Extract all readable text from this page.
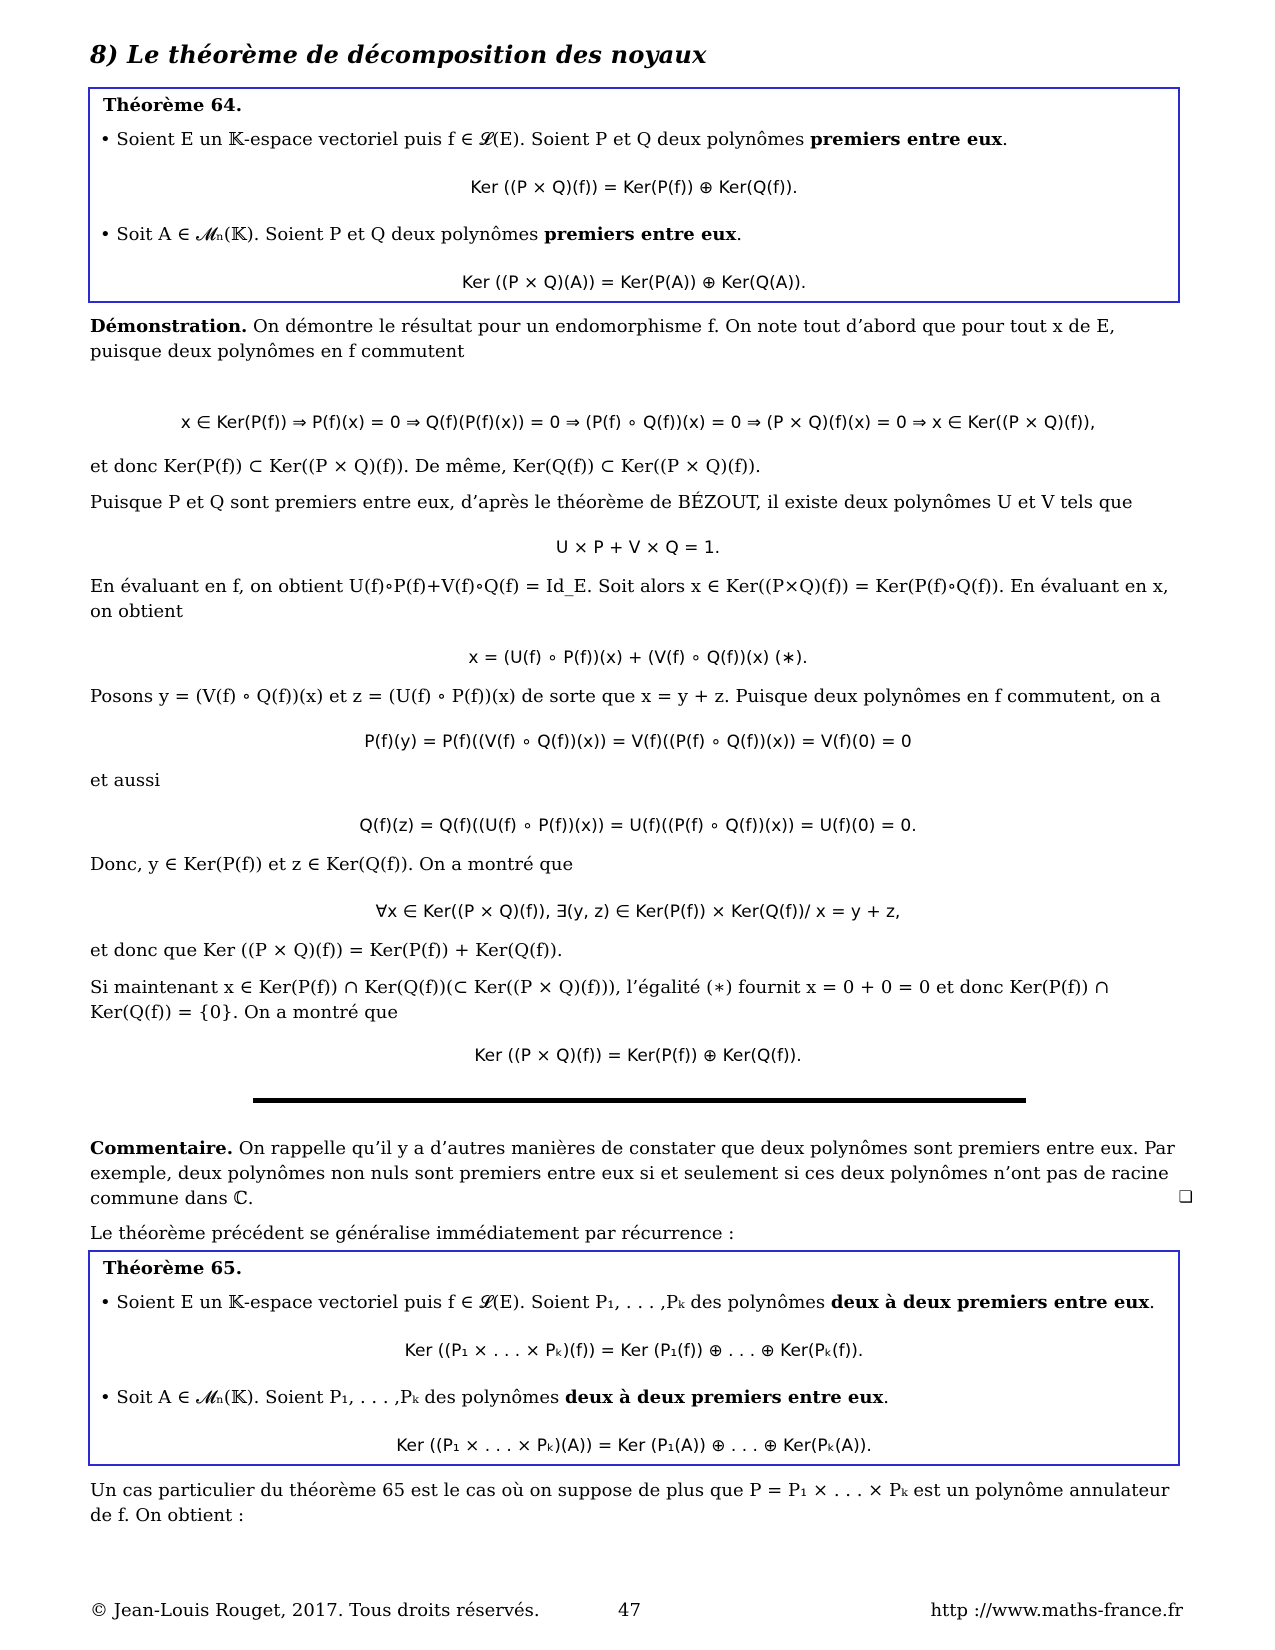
8) Le théorème de décomposition des noyaux
Théorème 64.
• Soient E un 𝕂-espace vectoriel puis f ∈ 𝓛(E). Soient P et Q deux polynômes premiers entre eux.
Ker ((P × Q)(f)) = Ker(P(f)) ⊕ Ker(Q(f)).
• Soit A ∈ 𝓜ₙ(𝕂). Soient P et Q deux polynômes premiers entre eux.
Ker ((P × Q)(A)) = Ker(P(A)) ⊕ Ker(Q(A)).
Démonstration. On démontre le résultat pour un endomorphisme f. On note tout d’abord que pour tout x de E, puisque deux polynômes en f commutent
x ∈ Ker(P(f)) ⇒ P(f)(x) = 0 ⇒ Q(f)(P(f)(x)) = 0 ⇒ (P(f) ∘ Q(f))(x) = 0 ⇒ (P × Q)(f)(x) = 0 ⇒ x ∈ Ker((P × Q)(f)),
et donc Ker(P(f)) ⊂ Ker((P × Q)(f)). De même, Ker(Q(f)) ⊂ Ker((P × Q)(f)).
Puisque P et Q sont premiers entre eux, d’après le théorème de BÉZOUT, il existe deux polynômes U et V tels que
U × P + V × Q = 1.
En évaluant en f, on obtient U(f)∘P(f)+V(f)∘Q(f) = Id_E. Soit alors x ∈ Ker((P×Q)(f)) = Ker(P(f)∘Q(f)). En évaluant en x, on obtient
x = (U(f) ∘ P(f))(x) + (V(f) ∘ Q(f))(x) (∗).
Posons y = (V(f) ∘ Q(f))(x) et z = (U(f) ∘ P(f))(x) de sorte que x = y + z. Puisque deux polynômes en f commutent, on a
P(f)(y) = P(f)((V(f) ∘ Q(f))(x)) = V(f)((P(f) ∘ Q(f))(x)) = V(f)(0) = 0
et aussi
Q(f)(z) = Q(f)((U(f) ∘ P(f))(x)) = U(f)((P(f) ∘ Q(f))(x)) = U(f)(0) = 0.
Donc, y ∈ Ker(P(f)) et z ∈ Ker(Q(f)). On a montré que
∀x ∈ Ker((P × Q)(f)), ∃(y, z) ∈ Ker(P(f)) × Ker(Q(f))/ x = y + z,
et donc que Ker ((P × Q)(f)) = Ker(P(f)) + Ker(Q(f)).
Si maintenant x ∈ Ker(P(f)) ∩ Ker(Q(f))(⊂ Ker((P × Q)(f))), l’égalité (∗) fournit x = 0 + 0 = 0 et donc Ker(P(f)) ∩ Ker(Q(f)) = {0}. On a montré que
Ker ((P × Q)(f)) = Ker(P(f)) ⊕ Ker(Q(f)).
Commentaire. On rappelle qu’il y a d’autres manières de constater que deux polynômes sont premiers entre eux. Par exemple, deux polynômes non nuls sont premiers entre eux si et seulement si ces deux polynômes n’ont pas de racine commune dans ℂ.	❏
Le théorème précédent se généralise immédiatement par récurrence :
Théorème 65.
• Soient E un 𝕂-espace vectoriel puis f ∈ 𝓛(E). Soient P₁, . . . ,Pₖ des polynômes deux à deux premiers entre eux.
Ker ((P₁ × . . . × Pₖ)(f)) = Ker (P₁(f)) ⊕ . . . ⊕ Ker(Pₖ(f)).
• Soit A ∈ 𝓜ₙ(𝕂). Soient P₁, . . . ,Pₖ des polynômes deux à deux premiers entre eux.
Ker ((P₁ × . . . × Pₖ)(A)) = Ker (P₁(A)) ⊕ . . . ⊕ Ker(Pₖ(A)).
Un cas particulier du théorème 65 est le cas où on suppose de plus que P = P₁ × . . . × Pₖ est un polynôme annulateur de f. On obtient :
© Jean-Louis Rouget, 2017. Tous droits réservés.	47	http ://www.maths-france.fr
